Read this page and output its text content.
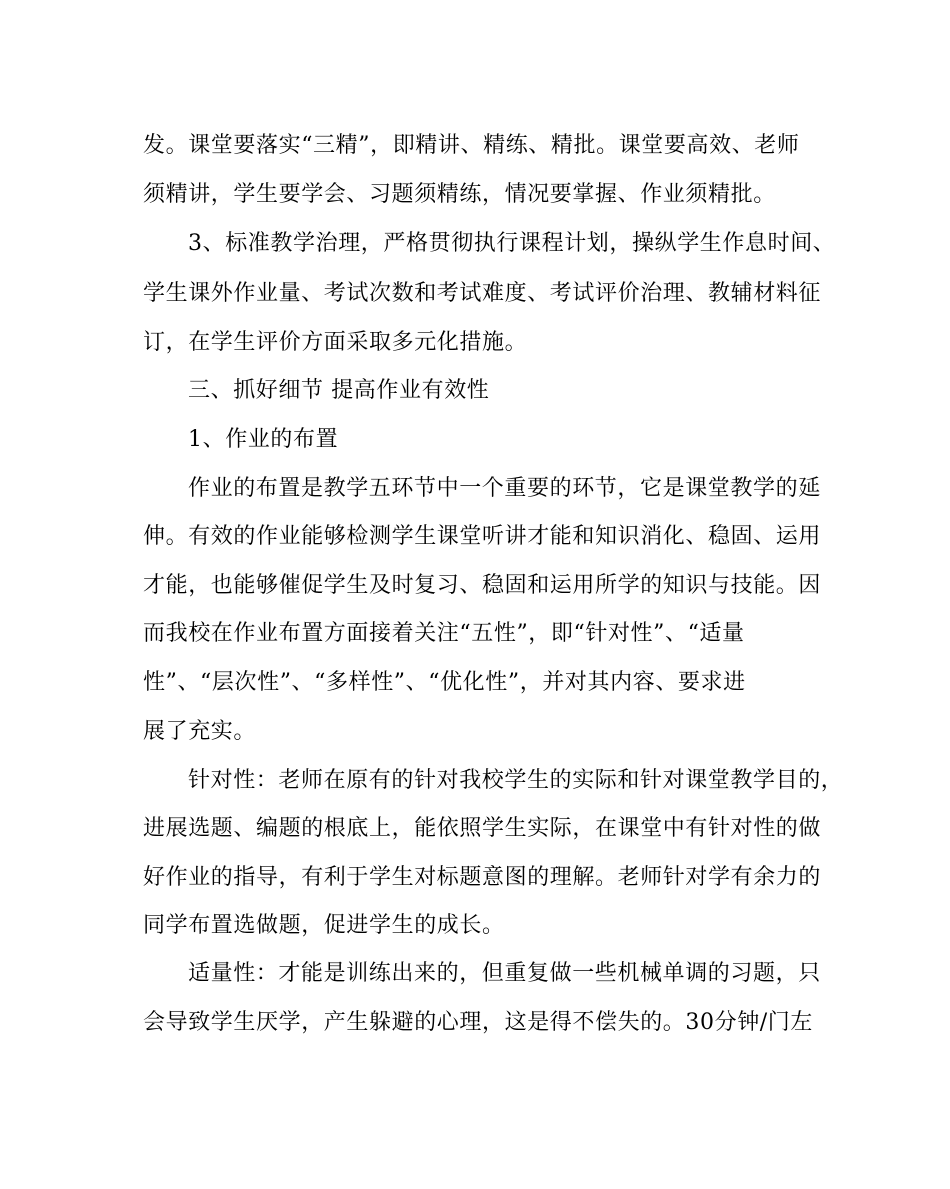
发。课堂要落实“三精”，即精讲、精练、精批。课堂要高效、老师
须精讲，学生要学会、习题须精练，情况要掌握、作业须精批。
3、标准教学治理，严格贯彻执行课程计划，操纵学生作息时间、
学生课外作业量、考试次数和考试难度、考试评价治理、教辅材料征
订，在学生评价方面采取多元化措施。
三、抓好细节 提高作业有效性
1、作业的布置
作业的布置是教学五环节中一个重要的环节，它是课堂教学的延
伸。有效的作业能够检测学生课堂听讲才能和知识消化、稳固、运用
才能，也能够催促学生及时复习、稳固和运用所学的知识与技能。因
而我校在作业布置方面接着关注“五性”，即“针对性”、“适量
性”、“层次性”、“多样性”、“优化性”，并对其内容、要求进
展了充实。
针对性：老师在原有的针对我校学生的实际和针对课堂教学目的，
进展选题、编题的根底上，能依照学生实际，在课堂中有针对性的做
好作业的指导，有利于学生对标题意图的理解。老师针对学有余力的
同学布置选做题，促进学生的成长。
适量性：才能是训练出来的，但重复做一些机械单调的习题，只
会导致学生厌学，产生躲避的心理，这是得不偿失的。30分钟/门左
